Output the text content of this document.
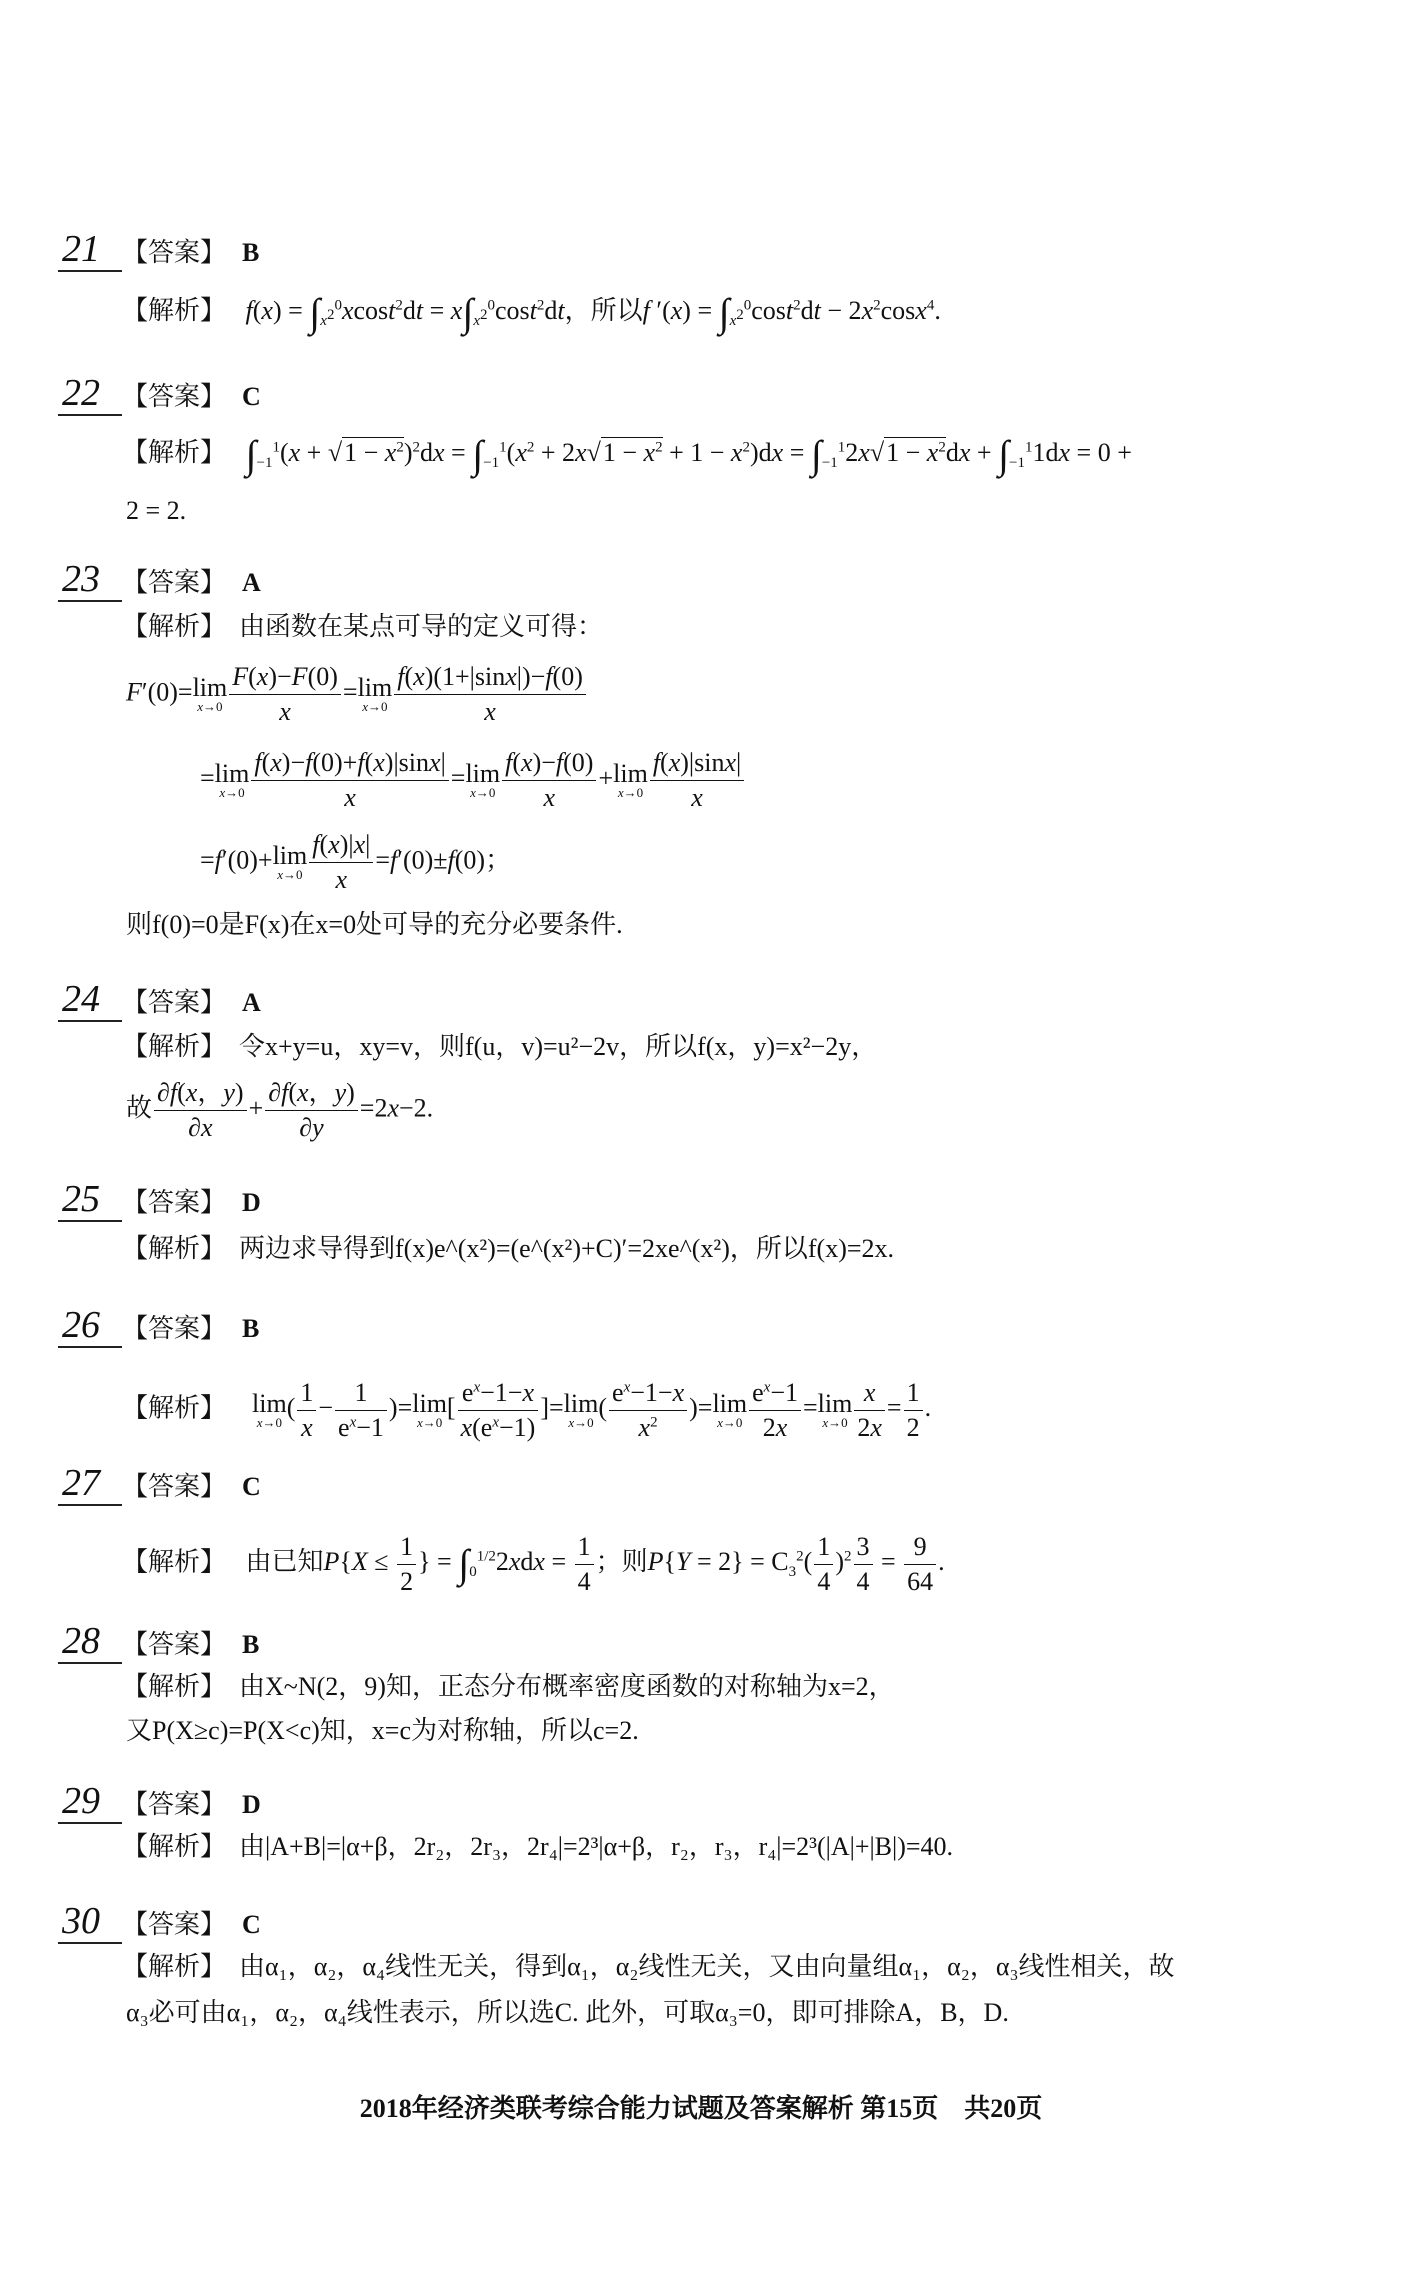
21 【答案】 B
【解析】 $f(x) = \int_{x^2}^0xcost^2dt = x\int_{x^2}^0\cos t^2dt$，所以f $'(x) = \int_{x^2}^0\cos t^2dt - 2x^2\cos x^4$.
22 【答案】 C
【解析】 $\int_{-1}^1(x + √1 - x^2)^2dx = \int_{-1}^1(x^2 + 2x√1 - x^2 + 1 - x^2)dx = \int_{-1}^12x√1 - x^2dx + \int_{-1}^11dx = 0$ +
2 = 2.
23 【答案】 A
【解析】 由函数在某点可导的定义可得：
F′(0)=lim
$x\to 0 \frac{F(x)-F(0)}{x} =\lim$
$x\to 0 \frac{f(x)(1+|\sin x|)-f(0)}{x}$
=lim
$x\to 0 \frac{f(x)-f(0)+f(x)|\sin x|}{x} =\lim$
$x\to 0 \frac{f(x)-f(0)}{x} +\lim$
$x\to 0 \frac{f(x)|\sin x|}{x}$
=f′(0)+lim
$x\to 0 \frac{f(x)|x|}{x} =f'(0)\pm f(0)$；
则f(0)=0是F(x)在x=0处可导的充分必要条件.
24 【答案】 A
【解析】 令x+y=u，xy=v，则f(u，v)=u²−2v，所以f(x，y)=x²−2y，
故 $\frac{\partial f(x,y)}{\partial x} + \frac{\partial f(x,y)}{\partial y} =2x-2$.
25 【答案】 D
【解析】 两边求导得到f(x)e^(x²)=(e^(x²)+C)′=2xe^(x²)，所以f(x)=2x.
26 【答案】 B
【解析】 lim
x→0 ( $\frac{1}{x} - \frac{1}{e^x-1} )=\lim$
x→0 [ $\frac{e^x-1-x}{x(e^x-1)} ]=\lim$
x→0 ( $\frac{e^x-1-x}{x^2} )=\lim$
$x\to 0 \frac{e^x-1}{2x} =\lim$
$x\to 0 \frac{x}{2x} = \frac{1}{2}$ .
27 【答案】 C
【解析】   由已知$P\{X \le \frac{1}{2}$ } = $\int_0^{1/2}2xdx = \frac{1}{4}$ ；则$P\{Y = 2\} = C_3^2( \frac{1}{4} )^2 \frac{3}{4} = \frac{9}{64}$ .
28 【答案】 B
【解析】 由X~N(2，9)知，正态分布概率密度函数的对称轴为x=2，
又P(X≥c)=P(X<c)知，x=c为对称轴，所以c=2.
29 【答案】 D
【解析】 由|A+B|=|α+β，2r₂，2r₃，2r₄|=2³|α+β，r₂，r₃，r₄|=2³(|A|+|B|)=40.
30 【答案】 C
【解析】 由α₁，α₂，α₄线性无关，得到α₁，α₂线性无关，又由向量组α₁，α₂，α₃线性相关，故
α₃必可由α₁，α₂，α₄线性表示，所以选C. 此外，可取α₃=0，即可排除A，B，D.
2018年经济类联考综合能力试题及答案解析 第15页　共20页
